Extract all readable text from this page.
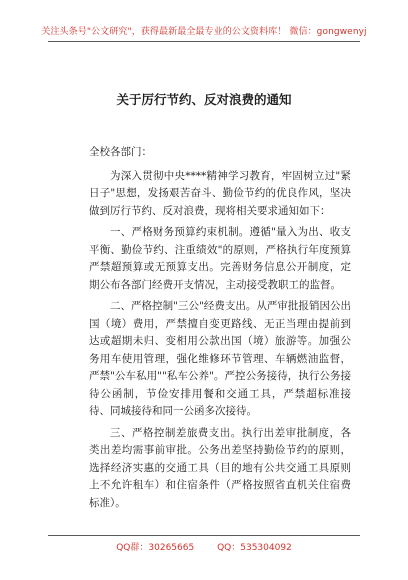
关注头条号"公文研究"，获得最新最全最专业的公文资料库！ 微信：gongwenyj
关于厉行节约、反对浪费的通知

全校各部门：

为深入贯彻中央****精神学习教育，牢固树立过"紧日子"思想，发扬艰苦奋斗、勤俭节约的优良作风，坚决做到厉行节约、反对浪费，现将相关要求通知如下：

一、严格财务预算约束机制。遵循"量入为出、收支平衡、勤俭节约、注重绩效"的原则，严格执行年度预算严禁超预算或无预算支出。完善财务信息公开制度，定期公布各部门经费开支情况，主动接受教职工的监督。

二、严格控制"三公"经费支出。从严审批报销因公出国（境）费用，严禁擅自变更路线、无正当理由提前到达或超期未归、变相用公款出国（境）旅游等。加强公务用车使用管理，强化维修环节管理、车辆燃油监督，严禁"公车私用""私车公养"。严控公务接待，执行公务接待公函制，节俭安排用餐和交通工具，严禁超标准接待、同城接待和同一公函多次接待。

三、严格控制差旅费支出。执行出差审批制度，各类出差均需事前审批。公务出差坚持勤俭节约的原则，选择经济实惠的交通工具（目的地有公共交通工具原则上不允许租车）和住宿条件（严格按照省直机关住宿费标准）。

QQ群：30265665	QQ：535304092
